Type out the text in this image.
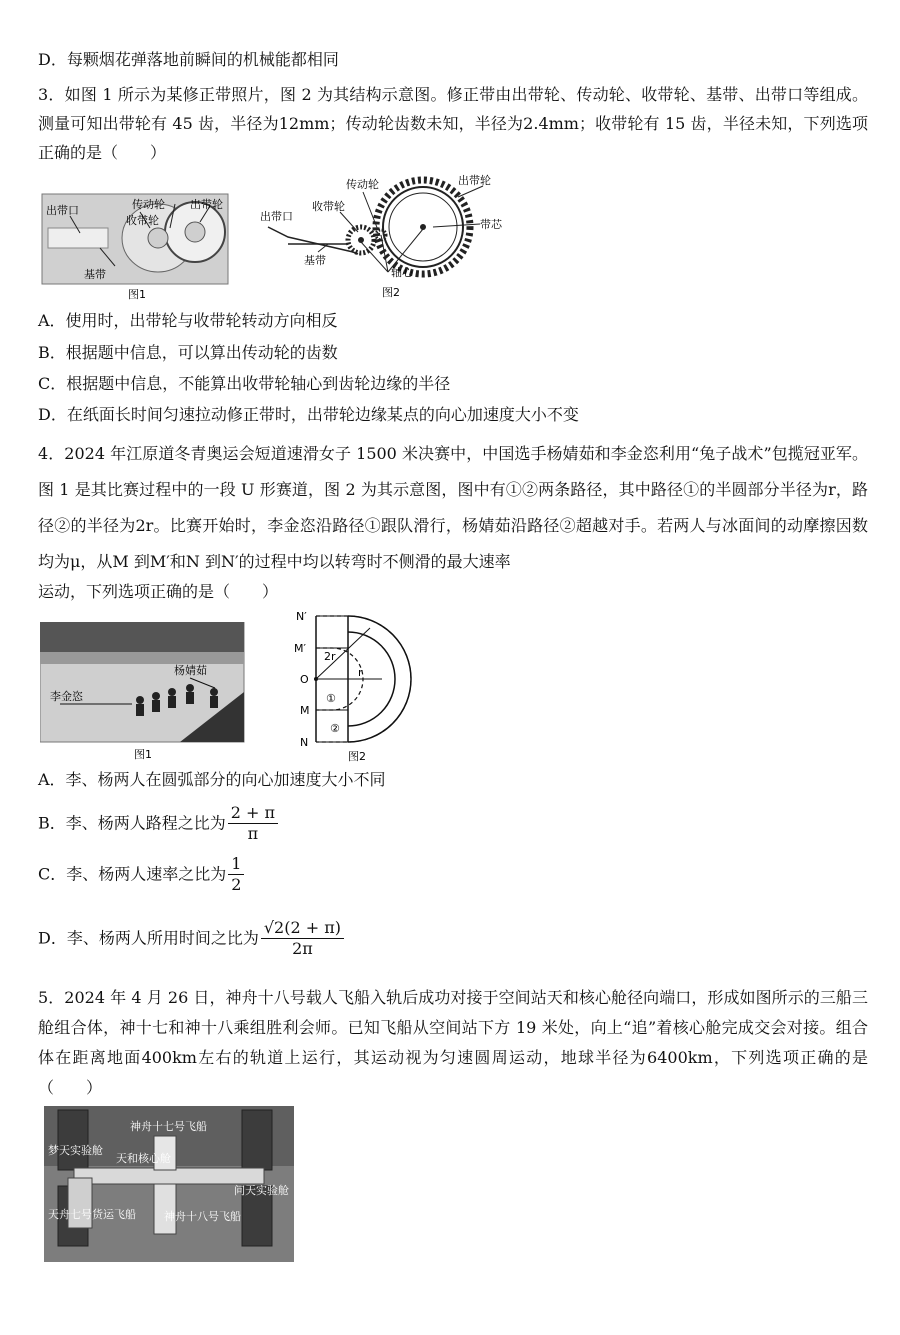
D．每颗烟花弹落地前瞬间的机械能都相同
3．如图 1 所示为某修正带照片，图 2 为其结构示意图。修正带由出带轮、传动轮、收带轮、基带、出带口等组成。测量可知出带轮有 45 齿，半径为12mm；传动轮齿数未知，半径为2.4mm；收带轮有 15 齿，半径未知，下列选项正确的是（　　）
出带口	传动轮
收带轮
出带轮
基带
图1
传动轮	出带轮
出带口
收带轮
带芯
基带
轴心
图2
A．使用时，出带轮与收带轮转动方向相反
B．根据题中信息，可以算出传动轮的齿数
C．根据题中信息，不能算出收带轮轴心到齿轮边缘的半径
D．在纸面长时间匀速拉动修正带时，出带轮边缘某点的向心加速度大小不变
4．2024 年江原道冬青奥运会短道速滑女子 1500 米决赛中，中国选手杨婧茹和李金恣利用“兔子战术”包揽冠亚军。图 1 是其比赛过程中的一段 U 形赛道，图 2 为其示意图，图中有①②两条路径，其中路径①的半圆部分半径为r，路径②的半径为2r。比赛开始时，李金恣沿路径①跟队滑行，杨婧茹沿路径②超越对手。若两人与冰面间的动摩擦因数均为μ，从M 到M′和N 到N′的过程中均以转弯时不侧滑的最大速率
运动，下列选项正确的是（　　）
李金恣
杨婧茹
图1
N′
M′
O
M
N
2r
r
①
②
图2
A．李、杨两人在圆弧部分的向心加速度大小不同
B．李、杨两人路程之比为 $\frac{2 + \pi}{\pi}$
C．李、杨两人速率之比为 $\frac{1}{2}$
D．李、杨两人所用时间之比为 $\frac{√2(2 + \pi)}{2\pi}$
5．2024 年 4 月 26 日，神舟十八号载人飞船入轨后成功对接于空间站天和核心舱径向端口，形成如图所示的三船三舱组合体，神十七和神十八乘组胜利会师。已知飞船从空间站下方 19 米处，向上“追”着核心舱完成交会对接。组合体在距离地面400km左右的轨道上运行，其运动视为匀速圆周运动，地球半径为6400km，下列选项正确的是（　　）
神舟十七号飞船
梦天实验舱
天和核心舱
问天实验舱
天舟七号货运飞船	神舟十八号飞船
